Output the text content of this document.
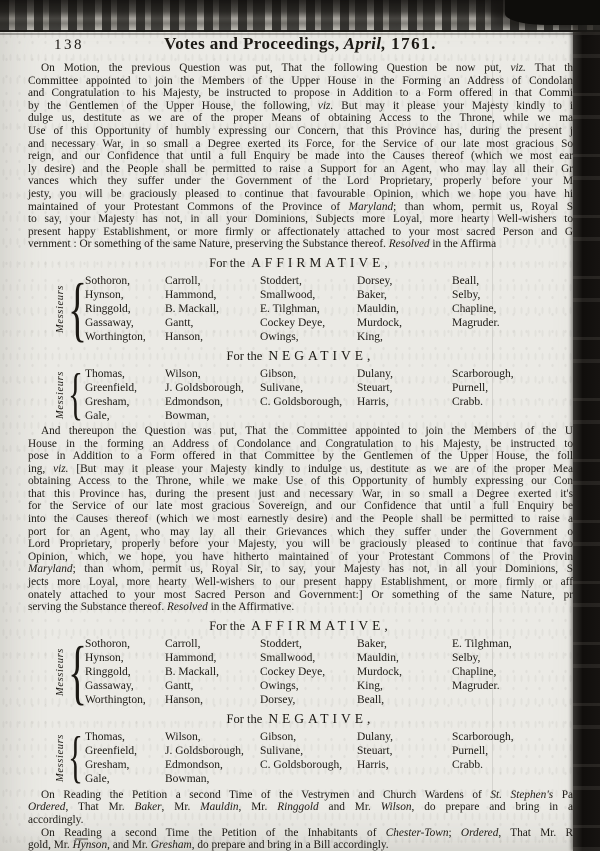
138	Votes and Proceedings, April, 1761.
On Motion, the previous Question was put, That the following Question be now put, viz. That th
Committee appointed to join the Members of the Upper House in the Forming an Address of Condolan
and Congratulation to his Majesty, be instructed to propose in Addition to a Form offered in that Commi
by the Gentlemen of the Upper House, the following, viz. But may it please your Majesty kindly to i
dulge us, destitute as we are of the proper Means of obtaining Access to the Throne, while we ma
Use of this Opportunity of humbly expressing our Concern, that this Province has, during the present j
and necessary War, in so small a Degree exerted its Force, for the Service of our late most gracious So
reign, and our Confidence that until a full Enquiry be made into the Causes thereof (which we most ear
ly desire) and the People shall be permitted to raise a Support for an Agent, who may lay all their Gr
vances which they suffer under the Government of the Lord Proprietary, properly before your M
jesty, you will be graciously pleased to continue that favourable Opinion, which we hope you have hi
maintained of your Protestant Commons of the Province of Maryland; than whom, permit us, Royal S
to say, your Majesty has not, in all your Dominions, Subjects more Loyal, more hearty Well-wishers to
present happy Establishment, or more firmly or affectionately attached to your most sacred Person and G
vernment : Or something of the same Nature, preserving the Substance thereof. Resolved in the Affirma
For the AFFIRMATIVE,
Messieurs {
Sothoron,
Hynson,
Ringgold,
Gassaway,
Worthington,
Carroll,
Hammond,
B. Mackall,
Gantt,
Hanson,
Stoddert,
Smallwood,
E. Tilghman,
Cockey Deye,
Owings,
Dorsey,
Baker,
Mauldin,
Murdock,
King,
Beall,
Selby,
Chapline,
Magruder.
For the NEGATIVE,
Messieurs { Thomas,
Greenfield,
Gresham,
Gale,
Wilson,
J. Goldsborough,
Edmondson,
Bowman,
Gibson,
Sulivane,
C. Goldsborough,
Dulany,
Steuart,
Harris,
Scarborough,
Purnell,
Crabb.
And thereupon the Question was put, That the Committee appointed to join the Members of the U
House in the forming an Address of Condolance and Congratulation to his Majesty, be instructed to
pose in Addition to a Form offered in that Committee by the Gentlemen of the Upper House, the foll
ing, viz. [But may it please your Majesty kindly to indulge us, destitute as we are of the proper Mea
obtaining Access to the Throne, while we make Use of this Opportunity of humbly expressing our Con
that this Province has, during the present just and necessary War, in so small a Degree exerted it's
for the Service of our late most gracious Sovereign, and our Confidence that until a full Enquiry be
into the Causes thereof (which we most earnestly desire) and the People shall be permitted to raise a
port for an Agent, who may lay all their Grievances which they suffer under the Government o
Lord Proprietary, properly before your Majesty, you will be graciously pleased to continue that favo
Opinion, which, we hope, you have hitherto maintained of your Protestant Commons of the Provin
Maryland; than whom, permit us, Royal Sir, to say, your Majesty has not, in all your Dominions, S
jects more Loyal, more hearty Well-wishers to our present happy Establishment, or more firmly or aff
onately attached to your most Sacred Person and Government:] Or something of the same Nature, pr
serving the Substance thereof. Resolved in the Affirmative.
For the AFFIRMATIVE,
Messieurs {
Sothoron,
Hynson,
Ringgold,
Gassaway,
Worthington,
Carroll,
Hammond,
B. Mackall,
Gantt,
Hanson,
Stoddert,
Smallwood,
Cockey Deye,
Owings,
Dorsey,
Baker,
Mauldin,
Murdock,
King,
Beall,
E. Tilghman,
Selby,
Chapline,
Magruder.
For the NEGATIVE,
Messieurs { Thomas,
Greenfield,
Gresham,
Gale,
Wilson,
J. Goldsborough,
Edmondson,
Bowman,
Gibson,
Sulivane,
C. Goldsborough,
Dulany,
Steuart,
Harris,
Scarborough,
Purnell,
Crabb.
On Reading the Petition a second Time of the Vestrymen and Church Wardens of St. Stephen's Pa
Ordered, That Mr. Baker, Mr. Mauldin, Mr. Ringgold and Mr. Wilson, do prepare and bring in a
accordingly.
On Reading a second Time the Petition of the Inhabitants of Chester-Town; Ordered, That Mr. R
gold, Mr. Hynson, and Mr. Gresham, do prepare and bring in a Bill accordingly.
